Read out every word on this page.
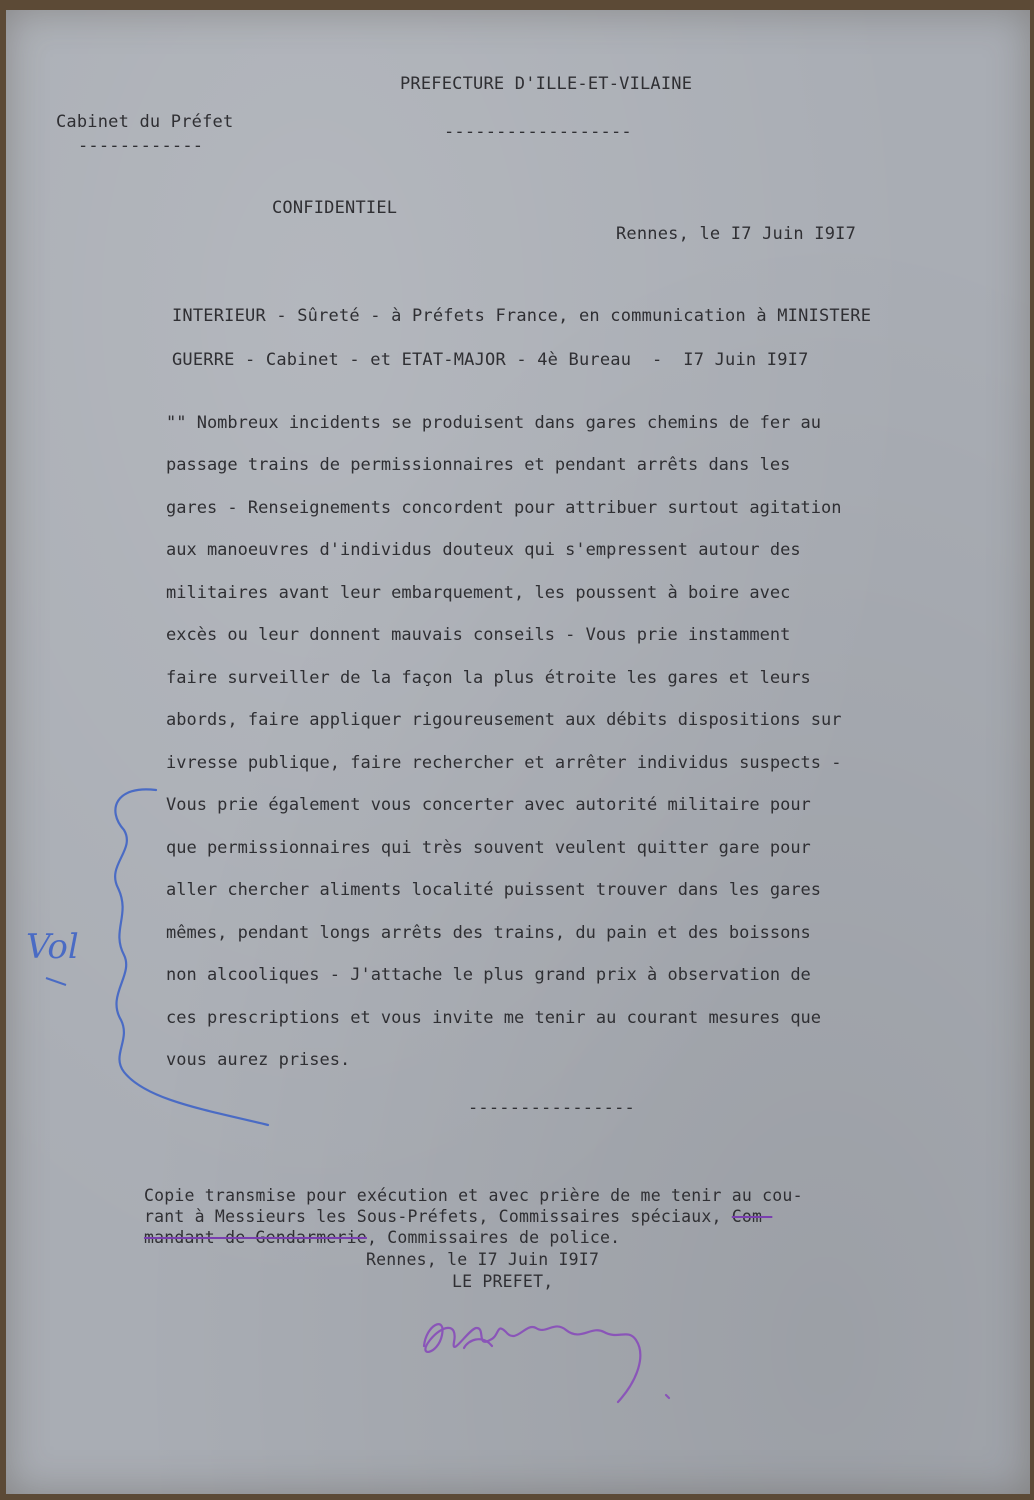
PREFECTURE D'ILLE-ET-VILAINE
------------------
Cabinet du Préfet
------------
CONFIDENTIEL
Rennes, le I7 Juin I9I7
INTERIEUR - Sûreté - à Préfets France, en communication à MINISTERE
GUERRE - Cabinet - et ETAT-MAJOR - 4è Bureau  -  I7 Juin I9I7
"" Nombreux incidents se produisent dans gares chemins de fer au
passage trains de permissionnaires et pendant arrêts dans les
gares - Renseignements concordent pour attribuer surtout agitation
aux manoeuvres d'individus douteux qui s'empressent autour des
militaires avant leur embarquement, les poussent à boire avec
excès ou leur donnent mauvais conseils - Vous prie instamment
faire surveiller de la façon la plus étroite les gares et leurs
abords, faire appliquer rigoureusement aux débits dispositions sur
ivresse publique, faire rechercher et arrêter individus suspects -
Vous prie également vous concerter avec autorité militaire pour
que permissionnaires qui très souvent veulent quitter gare pour
aller chercher aliments localité puissent trouver dans les gares
mêmes, pendant longs arrêts des trains, du pain et des boissons
non alcooliques - J'attache le plus grand prix à observation de
ces prescriptions et vous invite me tenir au courant mesures que
vous aurez prises.
----------------
Copie transmise pour exécution et avec prière de me tenir au cou-
rant à Messieurs les Sous-Préfets, Commissaires spéciaux, Com-
mandant de Gendarmerie, Commissaires de police.
Rennes, le I7 Juin I9I7
LE PREFET,
Vol
